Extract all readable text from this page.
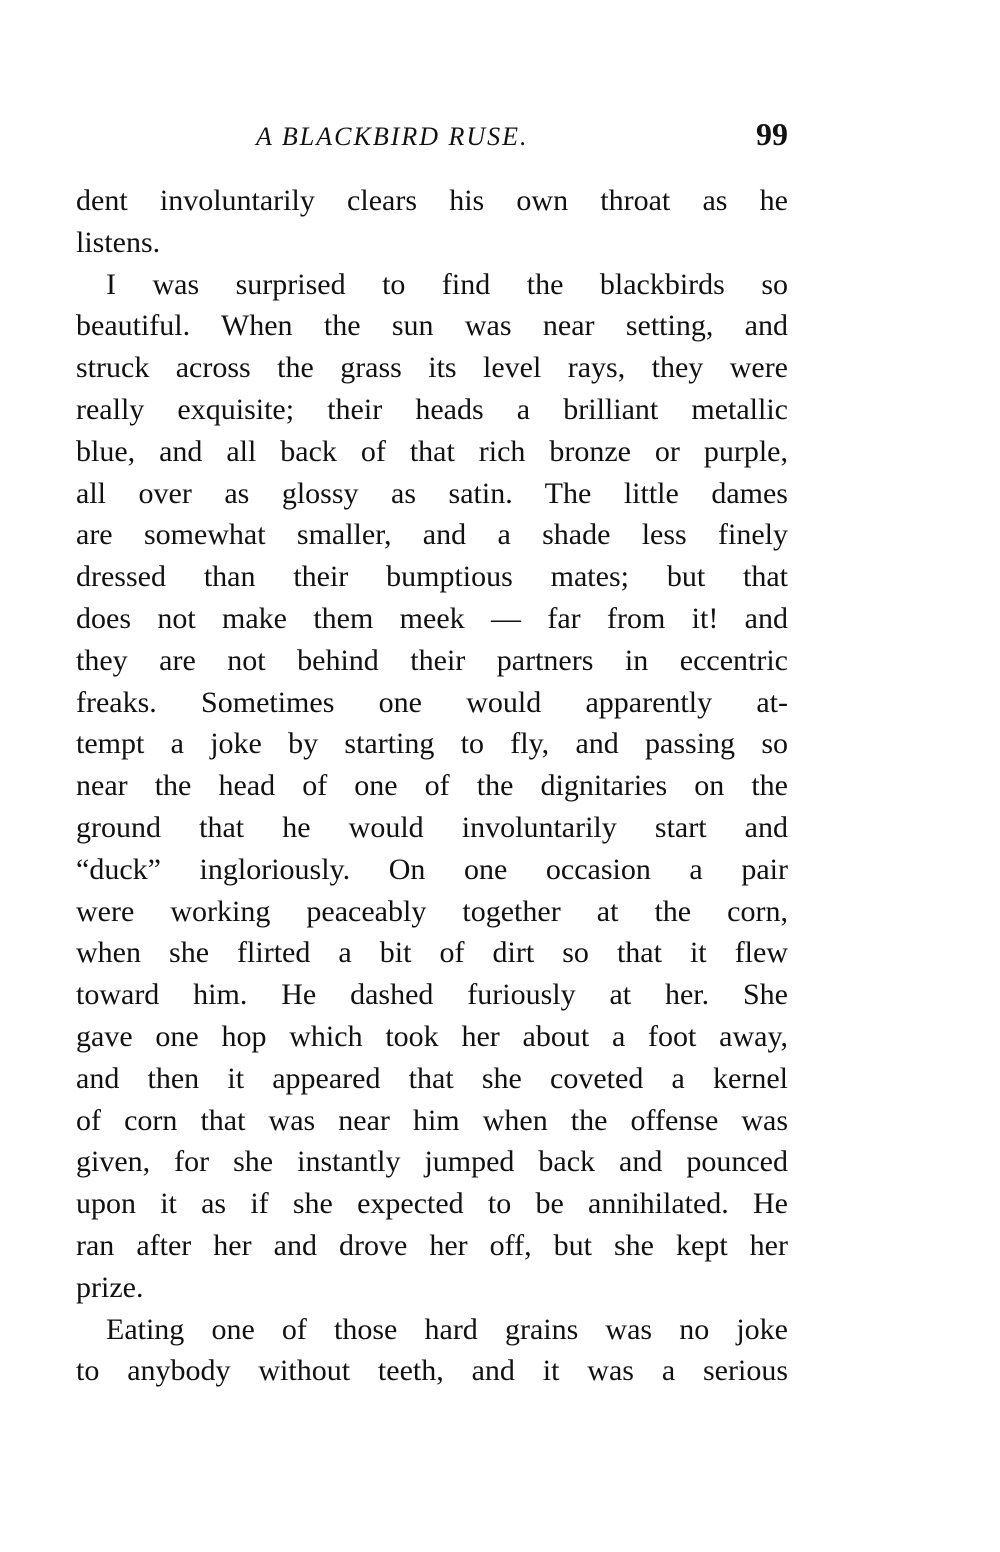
A BLACKBIRD RUSE.	99
dent involuntarily clears his own throat as he
listens.
I was surprised to find the blackbirds so
beautiful. When the sun was near setting, and
struck across the grass its level rays, they were
really exquisite; their heads a brilliant metallic
blue, and all back of that rich bronze or purple,
all over as glossy as satin. The little dames
are somewhat smaller, and a shade less finely
dressed than their bumptious mates; but that
does not make them meek — far from it! and
they are not behind their partners in eccentric
freaks. Sometimes one would apparently at-
tempt a joke by starting to fly, and passing so
near the head of one of the dignitaries on the
ground that he would involuntarily start and
“duck” ingloriously. On one occasion a pair
were working peaceably together at the corn,
when she flirted a bit of dirt so that it flew
toward him. He dashed furiously at her. She
gave one hop which took her about a foot away,
and then it appeared that she coveted a kernel
of corn that was near him when the offense was
given, for she instantly jumped back and pounced
upon it as if she expected to be annihilated. He
ran after her and drove her off, but she kept her
prize.
Eating one of those hard grains was no joke
to anybody without teeth, and it was a serious
